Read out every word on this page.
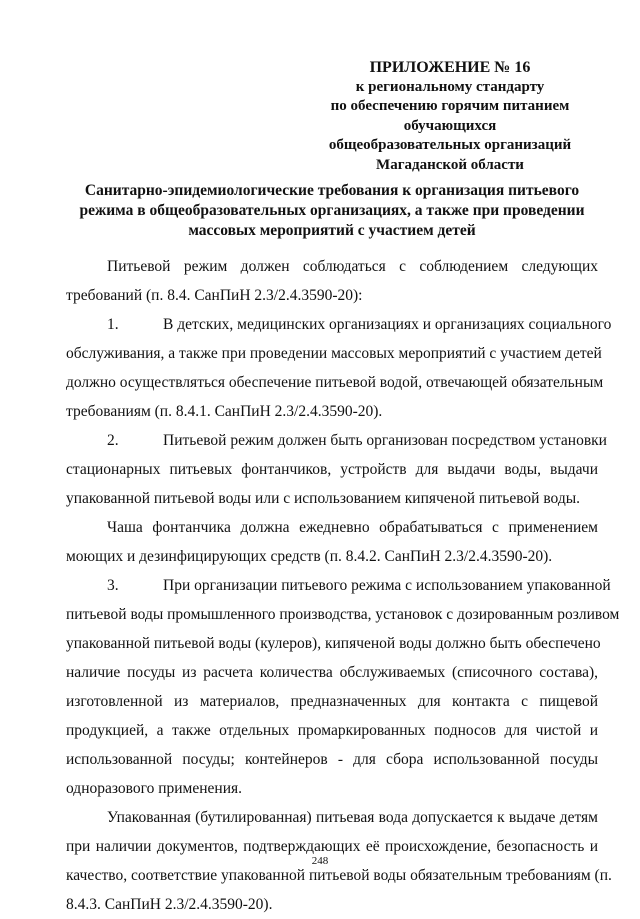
ПРИЛОЖЕНИЕ № 16
к региональному стандарту
по обеспечению горячим питанием
обучающихся
общеобразовательных организаций
Магаданской области
Санитарно-эпидемиологические требования к организация питьевого
режима в общеобразовательных организациях, а также при проведении
массовых мероприятий с участием детей
Питьевой режим должен соблюдаться с соблюдением следующих
требований (п. 8.4. СанПиН 2.3/2.4.3590-20):
1.	В детских, медицинских организациях и организациях социального
обслуживания, а также при проведении массовых мероприятий с участием детей
должно осуществляться обеспечение питьевой водой, отвечающей обязательным
требованиям (п. 8.4.1. СанПиН 2.3/2.4.3590-20).
2.	Питьевой режим должен быть организован посредством установки
стационарных питьевых фонтанчиков, устройств для выдачи воды, выдачи
упакованной питьевой воды или с использованием кипяченой питьевой воды.
Чаша фонтанчика должна ежедневно обрабатываться с применением
моющих и дезинфицирующих средств (п. 8.4.2. СанПиН 2.3/2.4.3590-20).
3.	При организации питьевого режима с использованием упакованной
питьевой воды промышленного производства, установок с дозированным розливом
упакованной питьевой воды (кулеров), кипяченой воды должно быть обеспечено
наличие посуды из расчета количества обслуживаемых (списочного состава),
изготовленной из материалов, предназначенных для контакта с пищевой
продукцией, а также отдельных промаркированных подносов для чистой и
использованной посуды; контейнеров - для сбора использованной посуды
одноразового применения.
Упакованная (бутилированная) питьевая вода допускается к выдаче детям
при наличии документов, подтверждающих её происхождение, безопасность и
качество, соответствие упакованной питьевой воды обязательным требованиям (п.
8.4.3. СанПиН 2.3/2.4.3590-20).
248
